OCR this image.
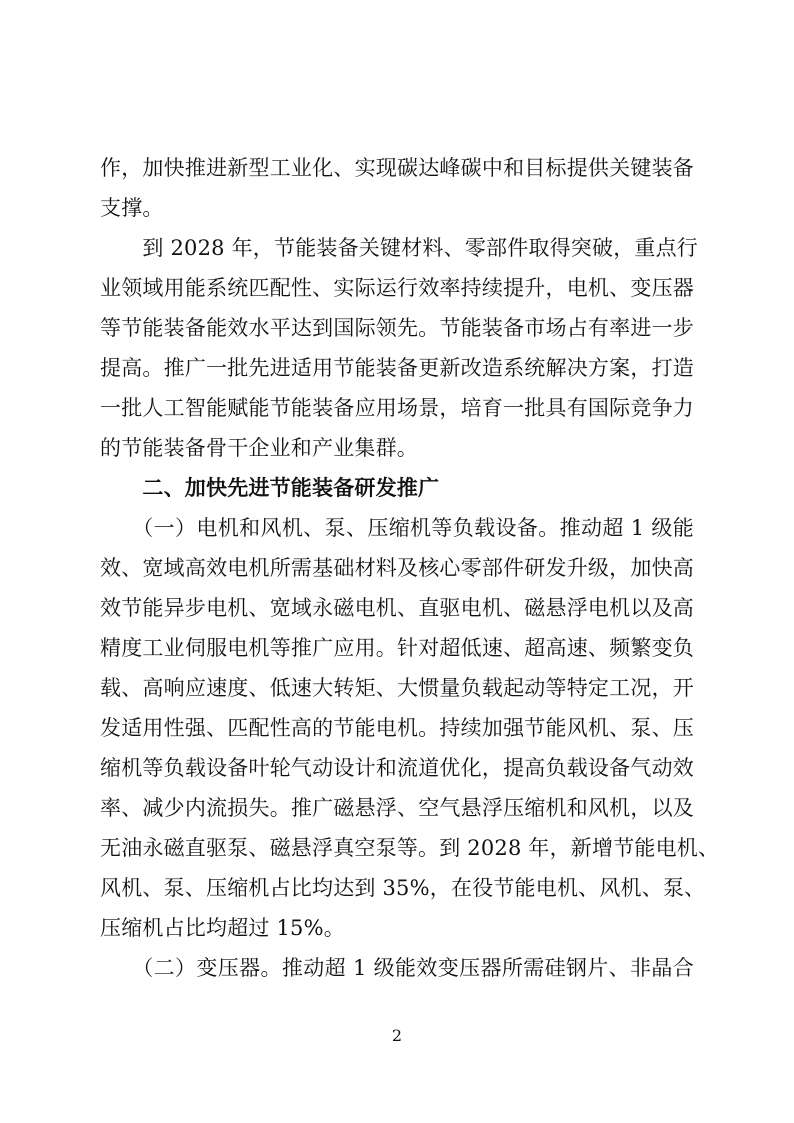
作，加快推进新型工业化、实现碳达峰碳中和目标提供关键装备
支撑。
　　到 2028 年，节能装备关键材料、零部件取得突破，重点行
业领域用能系统匹配性、实际运行效率持续提升，电机、变压器
等节能装备能效水平达到国际领先。节能装备市场占有率进一步
提高。推广一批先进适用节能装备更新改造系统解决方案，打造
一批人工智能赋能节能装备应用场景，培育一批具有国际竞争力
的节能装备骨干企业和产业集群。
　　二、加快先进节能装备研发推广
　　（一）电机和风机、泵、压缩机等负载设备。推动超 1 级能
效、宽域高效电机所需基础材料及核心零部件研发升级，加快高
效节能异步电机、宽域永磁电机、直驱电机、磁悬浮电机以及高
精度工业伺服电机等推广应用。针对超低速、超高速、频繁变负
载、高响应速度、低速大转矩、大惯量负载起动等特定工况，开
发适用性强、匹配性高的节能电机。持续加强节能风机、泵、压
缩机等负载设备叶轮气动设计和流道优化，提高负载设备气动效
率、减少内流损失。推广磁悬浮、空气悬浮压缩机和风机，以及
无油永磁直驱泵、磁悬浮真空泵等。到 2028 年，新增节能电机、
风机、泵、压缩机占比均达到 35%，在役节能电机、风机、泵、
压缩机占比均超过 15%。
　　（二）变压器。推动超 1 级能效变压器所需硅钢片、非晶合
2
